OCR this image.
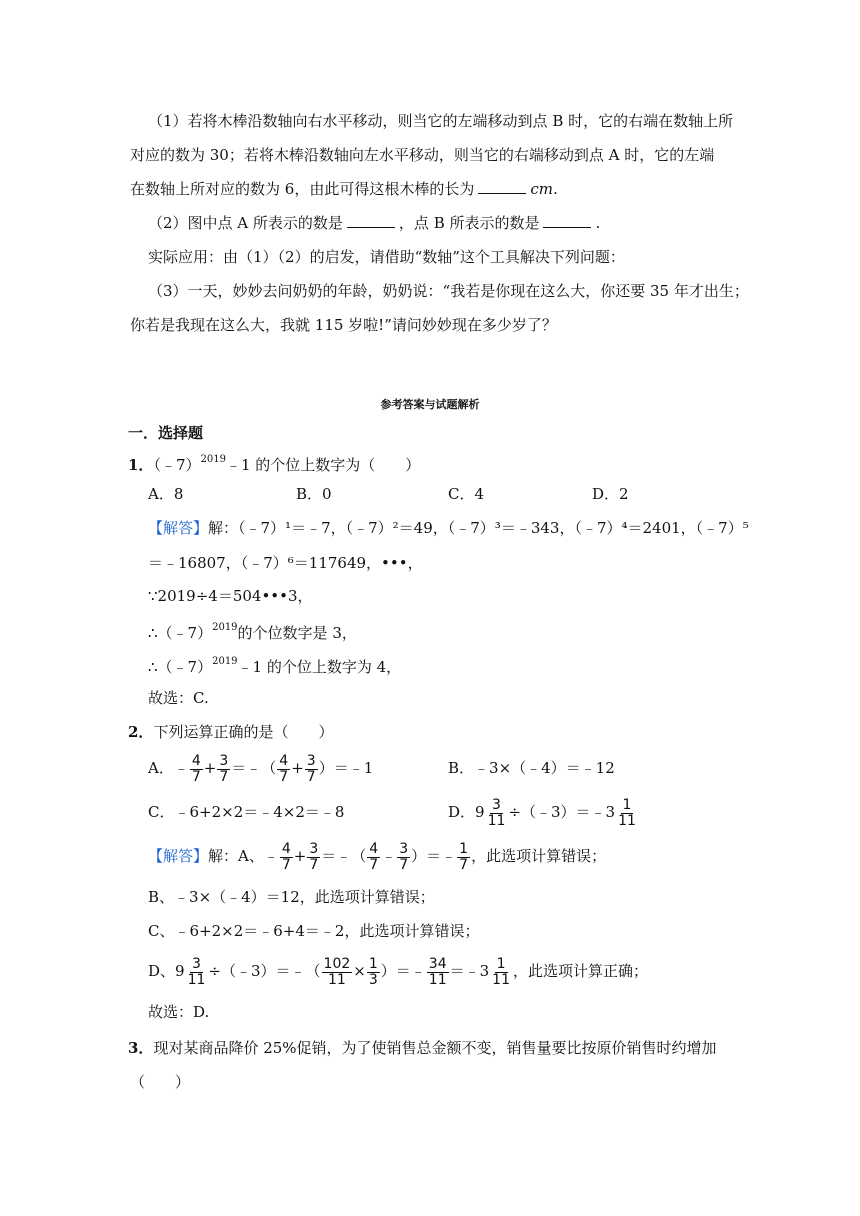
（1）若将木棒沿数轴向右水平移动，则当它的左端移动到点 B 时，它的右端在数轴上所
对应的数为 30；若将木棒沿数轴向左水平移动，则当它的右端移动到点 A 时，它的左端
在数轴上所对应的数为 6，由此可得这根木棒的长为	cm.
（2）图中点 A 所表示的数是	，点 B 所表示的数是	.
实际应用：由（1）（2）的启发，请借助“数轴”这个工具解决下列问题：
（3）一天，妙妙去问奶奶的年龄，奶奶说：“我若是你现在这么大，你还要 35 年才出生；
你若是我现在这么大，我就 115 岁啦!”请问妙妙现在多少岁了？
参考答案与试题解析
一．选择题
1．（﹣7）$^{2019}$﹣1 的个位上数字为（　　）
A．8	B．0	C．4	D．2
【解答】解：（﹣7）¹＝﹣7，（﹣7）²＝49，（﹣7）³＝﹣343，（﹣7）⁴＝2401，（﹣7）⁵
＝﹣16807，（﹣7）⁶＝117649，•••，
∵2019÷4＝504•••3，
∴（﹣7）$^{2019}$的个位数字是 3，
∴（﹣7）$^{2019}$﹣1 的个位上数字为 4，
故选：C.
2．下列运算正确的是（　　）
A．﹣ $\frac{4}{7} + \frac{3}{7}$ ＝﹣（ $\frac{4}{7} + \frac{3}{7}$ ）＝﹣1	B．﹣3×（﹣4）＝﹣12
C．﹣6+2×2＝﹣4×2＝﹣8	D．$9 \frac{3}{11}$ ÷（﹣3）＝﹣3 $\frac{1}{11}$
【解答】解：A、﹣ $\frac{4}{7} + \frac{3}{7}$ ＝﹣（ $\frac{4}{7}$ ﹣ $\frac{3}{7}$ ）＝﹣ $\frac{1}{7}$ ，此选项计算错误；
B、﹣3×（﹣4）＝12，此选项计算错误；
C、﹣6+2×2＝﹣6+4＝﹣2，此选项计算错误；
D、$9 \frac{3}{11}$ ÷（﹣3）＝﹣（ $\frac{102}{11} \times \frac{1}{3}$ ）＝﹣ $\frac{34}{11}$ ＝﹣3 $\frac{1}{11}$ ，此选项计算正确；
故选：D.
3．现对某商品降价 25%促销，为了使销售总金额不变，销售量要比按原价销售时约增加
（　　）
